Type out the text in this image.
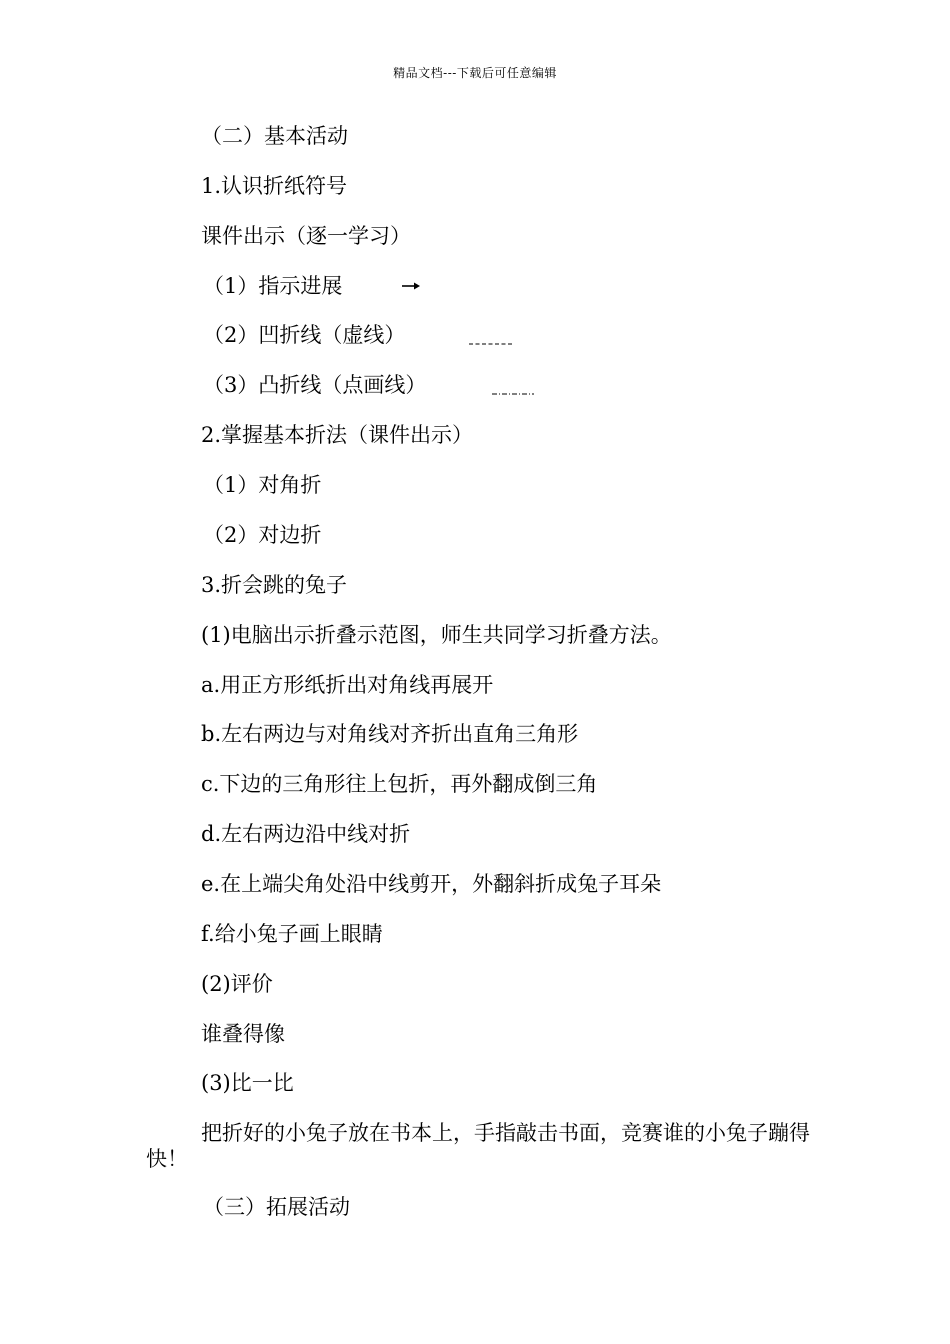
精品文档---下载后可任意编辑
（二）基本活动
1.认识折纸符号
课件出示（逐一学习）
（1）指示进展
（2）凹折线（虚线）
（3）凸折线（点画线）
2.掌握基本折法（课件出示）
（1）对角折
（2）对边折
3.折会跳的兔子
(1)电脑出示折叠示范图，师生共同学习折叠方法。
a.用正方形纸折出对角线再展开
b.左右两边与对角线对齐折出直角三角形
c.下边的三角形往上包折，再外翻成倒三角
d.左右两边沿中线对折
e.在上端尖角处沿中线剪开，外翻斜折成兔子耳朵
f.给小兔子画上眼睛
(2)评价
谁叠得像
(3)比一比
把折好的小兔子放在书本上，手指敲击书面，竞赛谁的小兔子蹦得快！
（三）拓展活动
